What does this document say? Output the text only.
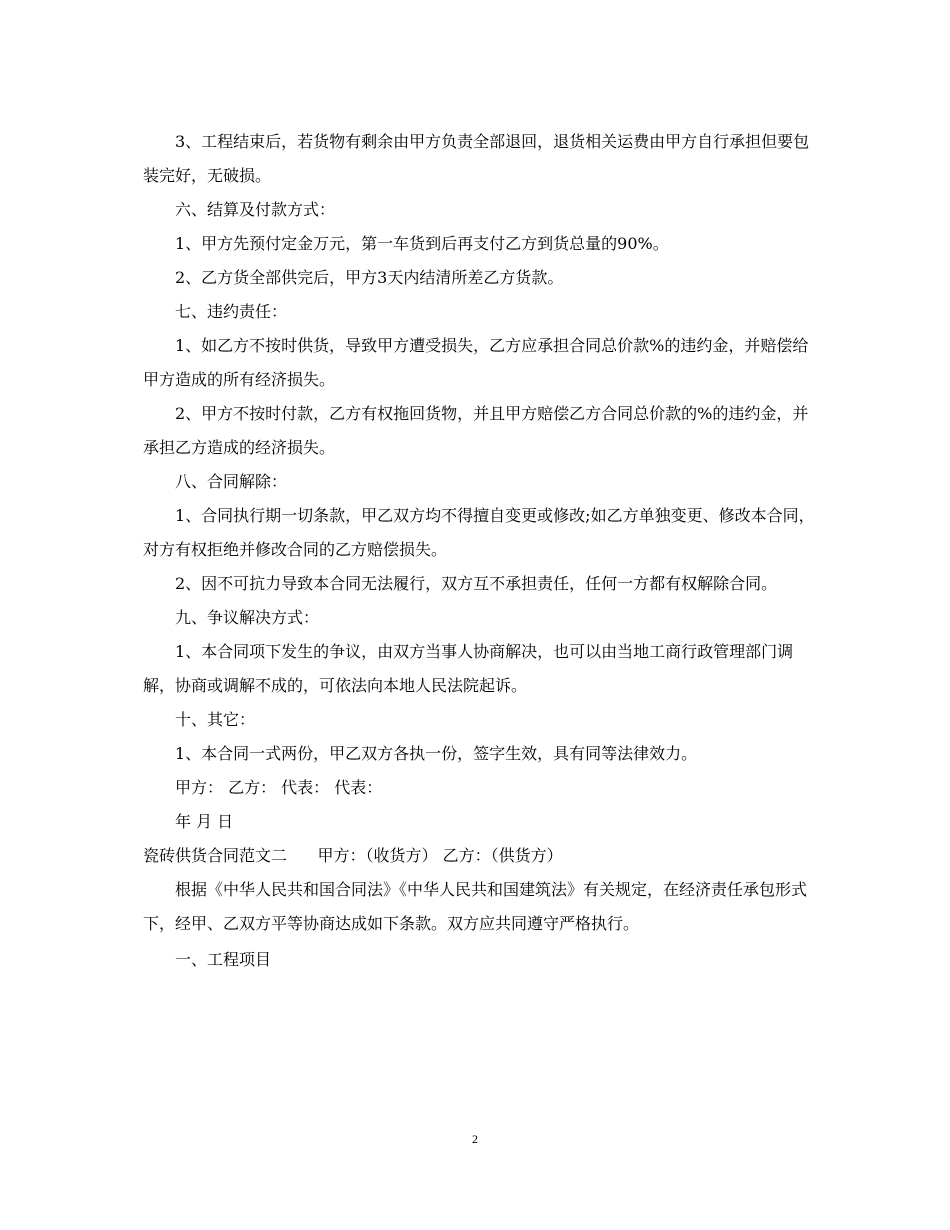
3、工程结束后，若货物有剩余由甲方负责全部退回，退货相关运费由甲方自行承担但要包装完好，无破损。

六、结算及付款方式：

1、甲方先预付定金万元，第一车货到后再支付乙方到货总量的90%。

2、乙方货全部供完后，甲方3天内结清所差乙方货款。

七、违约责任：

1、如乙方不按时供货，导致甲方遭受损失，乙方应承担合同总价款%的违约金，并赔偿给甲方造成的所有经济损失。

2、甲方不按时付款，乙方有权拖回货物，并且甲方赔偿乙方合同总价款的%的违约金，并承担乙方造成的经济损失。

八、合同解除：

1、合同执行期一切条款，甲乙双方均不得擅自变更或修改;如乙方单独变更、修改本合同，对方有权拒绝并修改合同的乙方赔偿损失。

2、因不可抗力导致本合同无法履行，双方互不承担责任，任何一方都有权解除合同。

九、争议解决方式：

1、本合同项下发生的争议，由双方当事人协商解决，也可以由当地工商行政管理部门调解，协商或调解不成的，可依法向本地人民法院起诉。

十、其它：

1、本合同一式两份，甲乙双方各执一份，签字生效，具有同等法律效力。

甲方： 乙方： 代表： 代表：

年 月 日

瓷砖供货合同范文二      甲方：（收货方） 乙方：（供货方）

根据《中华人民共和国合同法》《中华人民共和国建筑法》有关规定，在经济责任承包形式下，经甲、乙双方平等协商达成如下条款。双方应共同遵守严格执行。

一、工程项目

2
